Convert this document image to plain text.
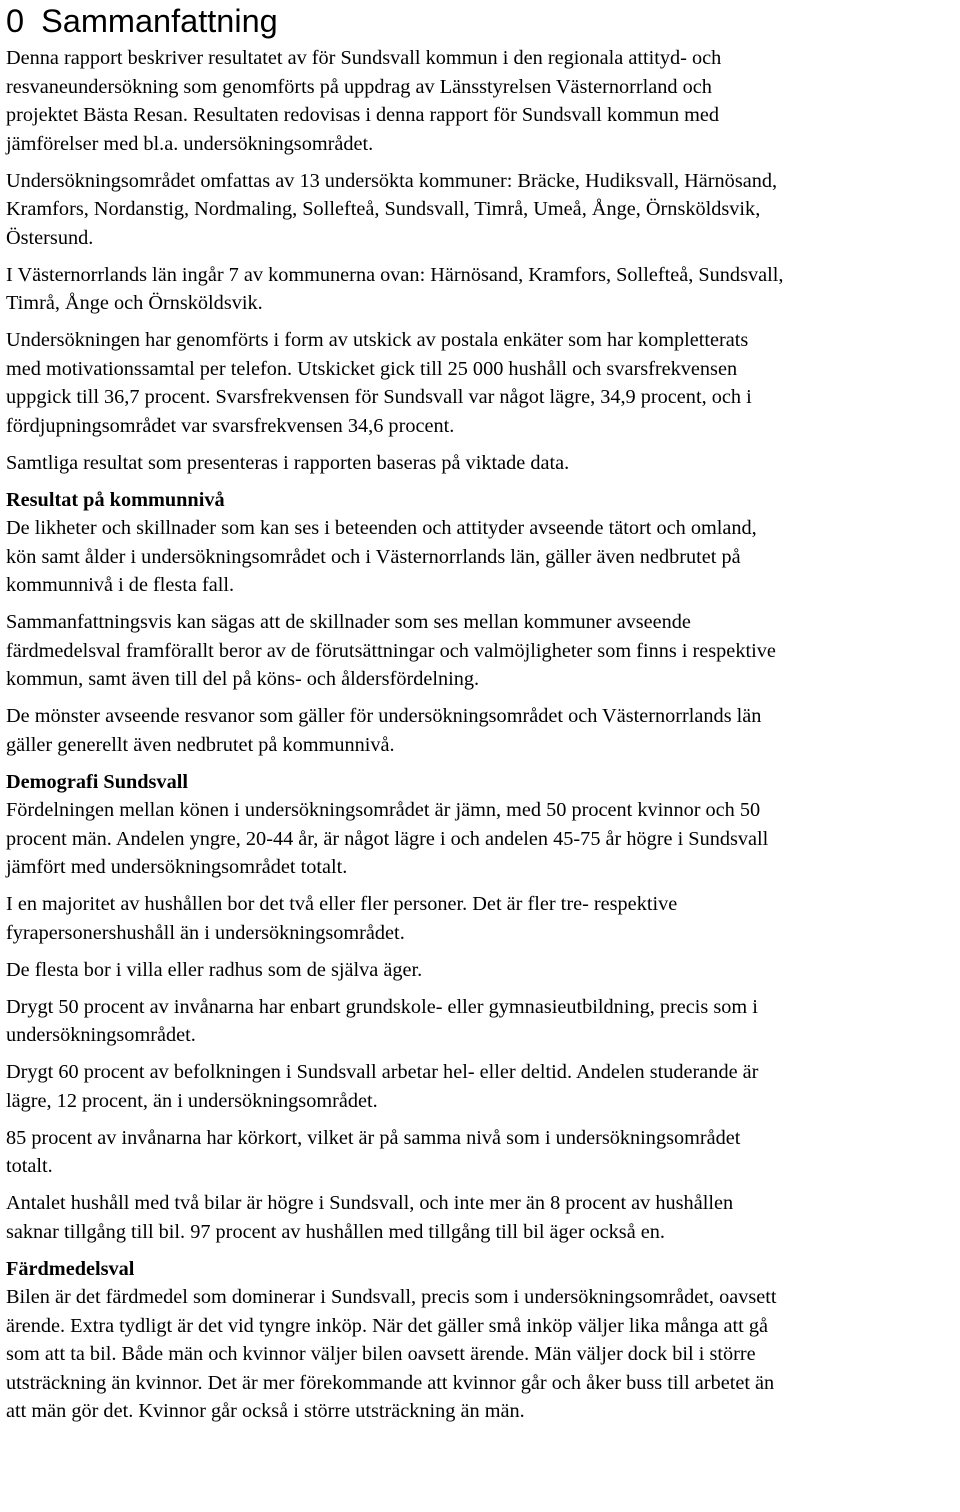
0 Sammanfattning
Denna rapport beskriver resultatet av för Sundsvall kommun i den regionala attityd- och
resvaneundersökning som genomförts på uppdrag av Länsstyrelsen Västernorrland och
projektet Bästa Resan. Resultaten redovisas i denna rapport för Sundsvall kommun med
jämförelser med bl.a. undersökningsområdet.
Undersökningsområdet omfattas av 13 undersökta kommuner: Bräcke, Hudiksvall, Härnösand,
Kramfors, Nordanstig, Nordmaling, Sollefteå, Sundsvall, Timrå, Umeå, Ånge, Örnsköldsvik,
Östersund.
I Västernorrlands län ingår 7 av kommunerna ovan: Härnösand, Kramfors, Sollefteå, Sundsvall,
Timrå, Ånge och Örnsköldsvik.
Undersökningen har genomförts i form av utskick av postala enkäter som har kompletterats
med motivationssamtal per telefon. Utskicket gick till 25 000 hushåll och svarsfrekvensen
uppgick till 36,7 procent. Svarsfrekvensen för Sundsvall var något lägre, 34,9 procent, och i
fördjupningsområdet var svarsfrekvensen 34,6 procent.
Samtliga resultat som presenteras i rapporten baseras på viktade data.
Resultat på kommunnivå
De likheter och skillnader som kan ses i beteenden och attityder avseende tätort och omland,
kön samt ålder i undersökningsområdet och i Västernorrlands län, gäller även nedbrutet på
kommunnivå i de flesta fall.
Sammanfattningsvis kan sägas att de skillnader som ses mellan kommuner avseende
färdmedelsval framförallt beror av de förutsättningar och valmöjligheter som finns i respektive
kommun, samt även till del på köns- och åldersfördelning.
De mönster avseende resvanor som gäller för undersökningsområdet och Västernorrlands län
gäller generellt även nedbrutet på kommunnivå.
Demografi Sundsvall
Fördelningen mellan könen i undersökningsområdet är jämn, med 50 procent kvinnor och 50
procent män. Andelen yngre, 20-44 år, är något lägre i och andelen 45-75 år högre i Sundsvall
jämfört med undersökningsområdet totalt.
I en majoritet av hushållen bor det två eller fler personer. Det är fler tre- respektive
fyrapersonershushåll än i undersökningsområdet.
De flesta bor i villa eller radhus som de själva äger.
Drygt 50 procent av invånarna har enbart grundskole- eller gymnasieutbildning, precis som i
undersökningsområdet.
Drygt 60 procent av befolkningen i Sundsvall arbetar hel- eller deltid. Andelen studerande är
lägre, 12 procent, än i undersökningsområdet.
85 procent av invånarna har körkort, vilket är på samma nivå som i undersökningsområdet
totalt.
Antalet hushåll med två bilar är högre i Sundsvall, och inte mer än 8 procent av hushållen
saknar tillgång till bil. 97 procent av hushållen med tillgång till bil äger också en.
Färdmedelsval
Bilen är det färdmedel som dominerar i Sundsvall, precis som i undersökningsområdet, oavsett
ärende. Extra tydligt är det vid tyngre inköp. När det gäller små inköp väljer lika många att gå
som att ta bil. Både män och kvinnor väljer bilen oavsett ärende. Män väljer dock bil i större
utsträckning än kvinnor. Det är mer förekommande att kvinnor går och åker buss till arbetet än
att män gör det. Kvinnor går också i större utsträckning än män.
